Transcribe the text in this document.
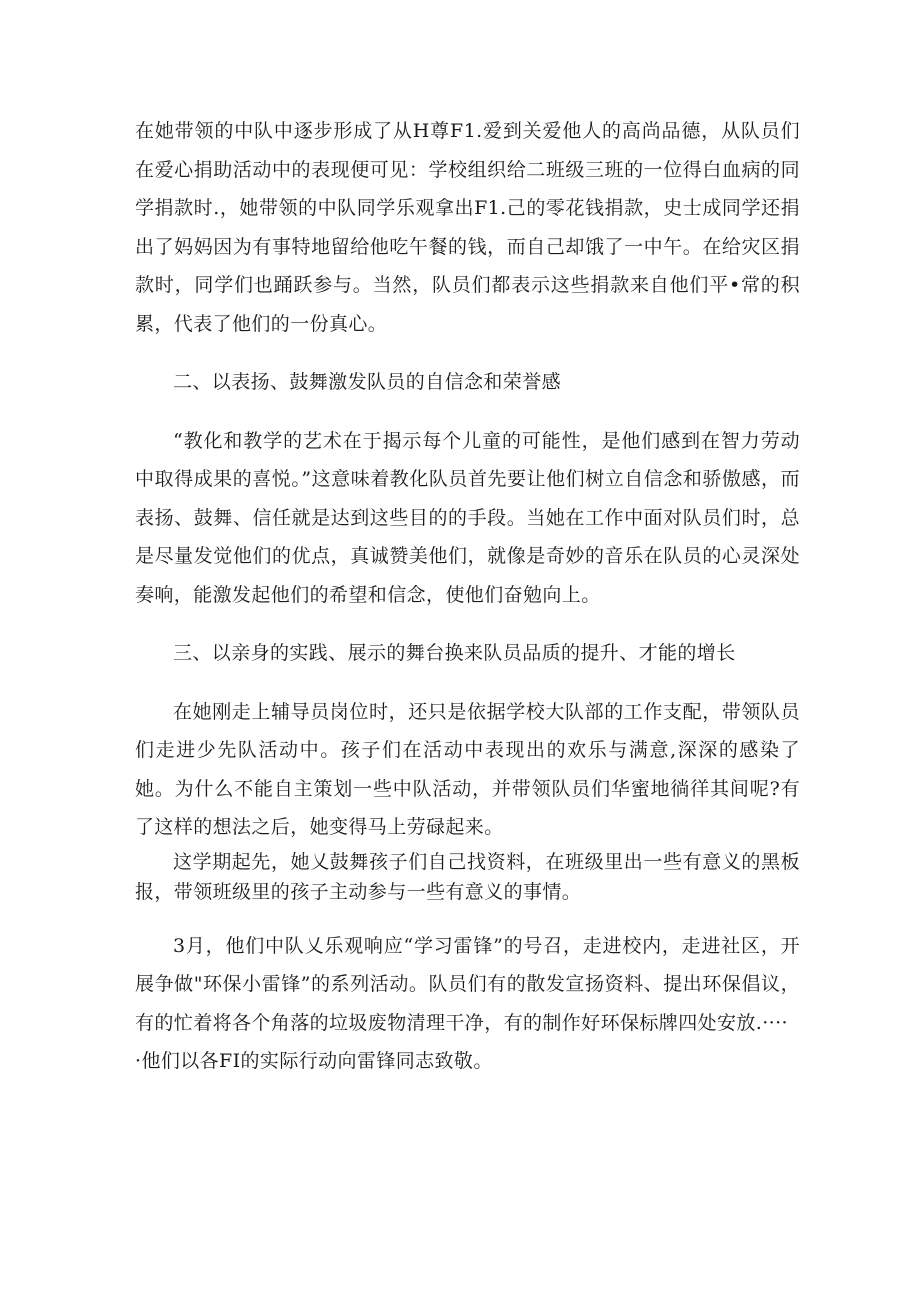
在她带领的中队中逐步形成了从H尊F1.爱到关爱他人的高尚品德，从队员们在爱心捐助活动中的表现便可见：学校组织给二班级三班的一位得白血病的同学捐款时.，她带领的中队同学乐观拿出F1.己的零花钱捐款，史士成同学还捐出了妈妈因为有事特地留给他吃午餐的钱，而自己却饿了一中午。在给灾区捐款时，同学们也踊跃参与。当然，队员们都表示这些捐款来自他们平•常的积累，代表了他们的一份真心。

二、以表扬、鼓舞激发队员的自信念和荣誉感

“教化和教学的艺术在于揭示每个儿童的可能性，是他们感到在智力劳动中取得成果的喜悦。”这意味着教化队员首先要让他们树立自信念和骄傲感，而表扬、鼓舞、信任就是达到这些目的的手段。当她在工作中面对队员们时，总是尽量发觉他们的优点，真诚赞美他们，就像是奇妙的音乐在队员的心灵深处奏响，能激发起他们的希望和信念，使他们奋勉向上。

三、以亲身的实践、展示的舞台换来队员品质的提升、才能的增长

在她刚走上辅导员岗位时，还只是依据学校大队部的工作支配，带领队员们走进少先队活动中。孩子们在活动中表现出的欢乐与满意,深深的感染了她。为什么不能自主策划一些中队活动，并带领队员们华蜜地徜徉其间呢?有了这样的想法之后，她变得马上劳碌起来。

这学期起先，她乂鼓舞孩子们自己找资料，在班级里出一些有意义的黑板报，带领班级里的孩子主动参与一些有意义的事情。

3月，他们中队乂乐观响应“学习雷锋”的号召，走进校内，走进社区，开展争做"环保小雷锋”的系列活动。队员们有的散发宣扬资料、提出环保倡议，有的忙着将各个角落的垃圾废物清理干净，有的制作好环保标牌四处安放.····
·他们以各FI的实际行动向雷锋同志致敬。
